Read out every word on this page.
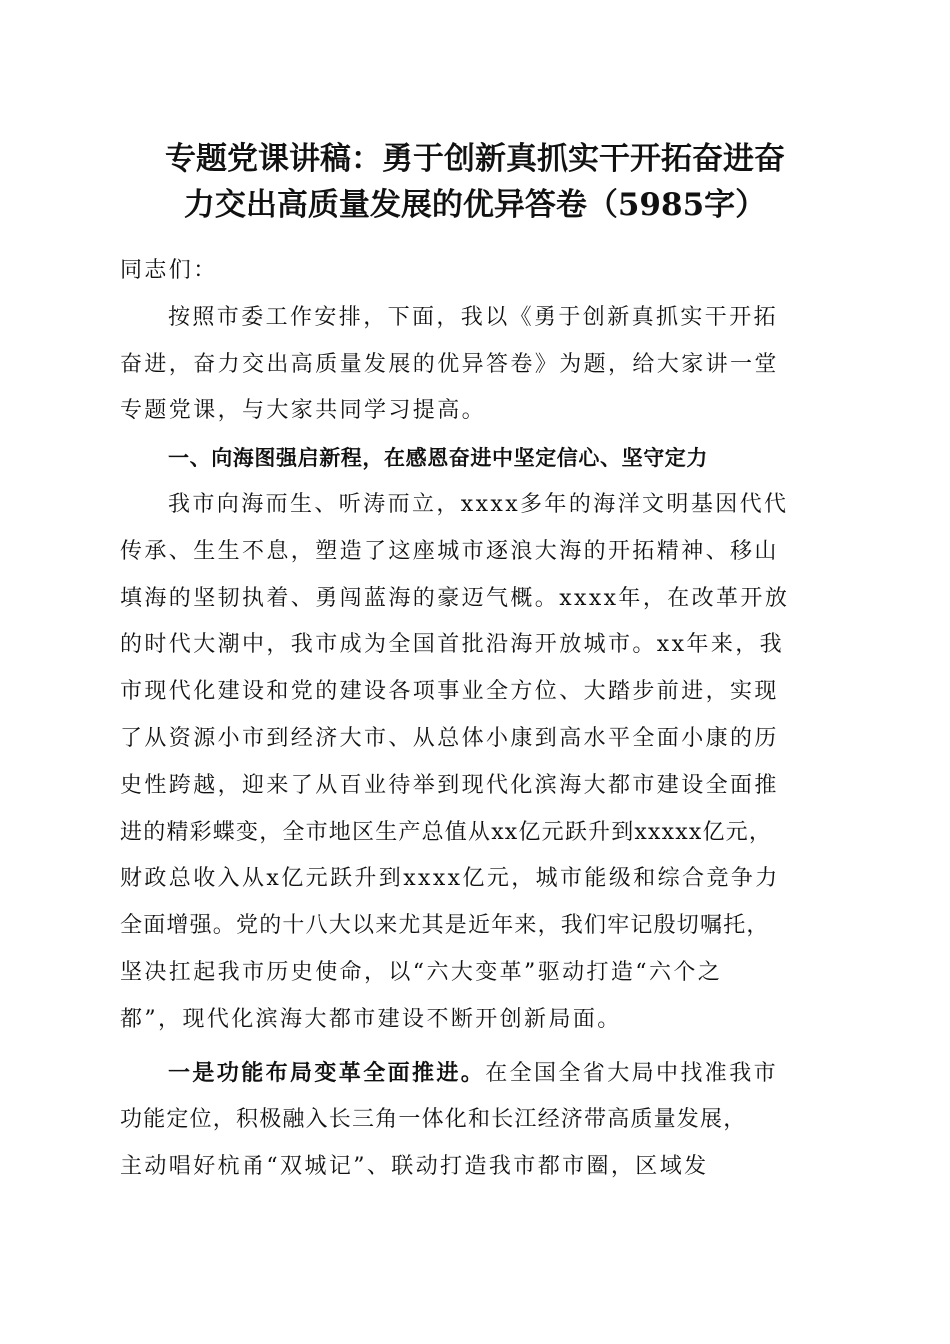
专题党课讲稿：勇于创新真抓实干开拓奋进奋
力交出高质量发展的优异答卷（5985字）

同志们：

按照市委工作安排，下面，我以《勇于创新真抓实干开拓
奋进，奋力交出高质量发展的优异答卷》为题，给大家讲一堂
专题党课，与大家共同学习提高。

一、向海图强启新程，在感恩奋进中坚定信心、坚守定力

我市向海而生、听涛而立，xxxx多年的海洋文明基因代代
传承、生生不息，塑造了这座城市逐浪大海的开拓精神、移山
填海的坚韧执着、勇闯蓝海的豪迈气概。xxxx年，在改革开放
的时代大潮中，我市成为全国首批沿海开放城市。xx年来，我
市现代化建设和党的建设各项事业全方位、大踏步前进，实现
了从资源小市到经济大市、从总体小康到高水平全面小康的历
史性跨越，迎来了从百业待举到现代化滨海大都市建设全面推
进的精彩蝶变，全市地区生产总值从xx亿元跃升到xxxxx亿元，
财政总收入从x亿元跃升到xxxx亿元，城市能级和综合竞争力
全面增强。党的十八大以来尤其是近年来，我们牢记殷切嘱托，
坚决扛起我市历史使命，以“六大变革”驱动打造“六个之
都”，现代化滨海大都市建设不断开创新局面。

一是功能布局变革全面推进。在全国全省大局中找准我市
功能定位，积极融入长三角一体化和长江经济带高质量发展，
主动唱好杭甬“双城记”、联动打造我市都市圈，区域发
